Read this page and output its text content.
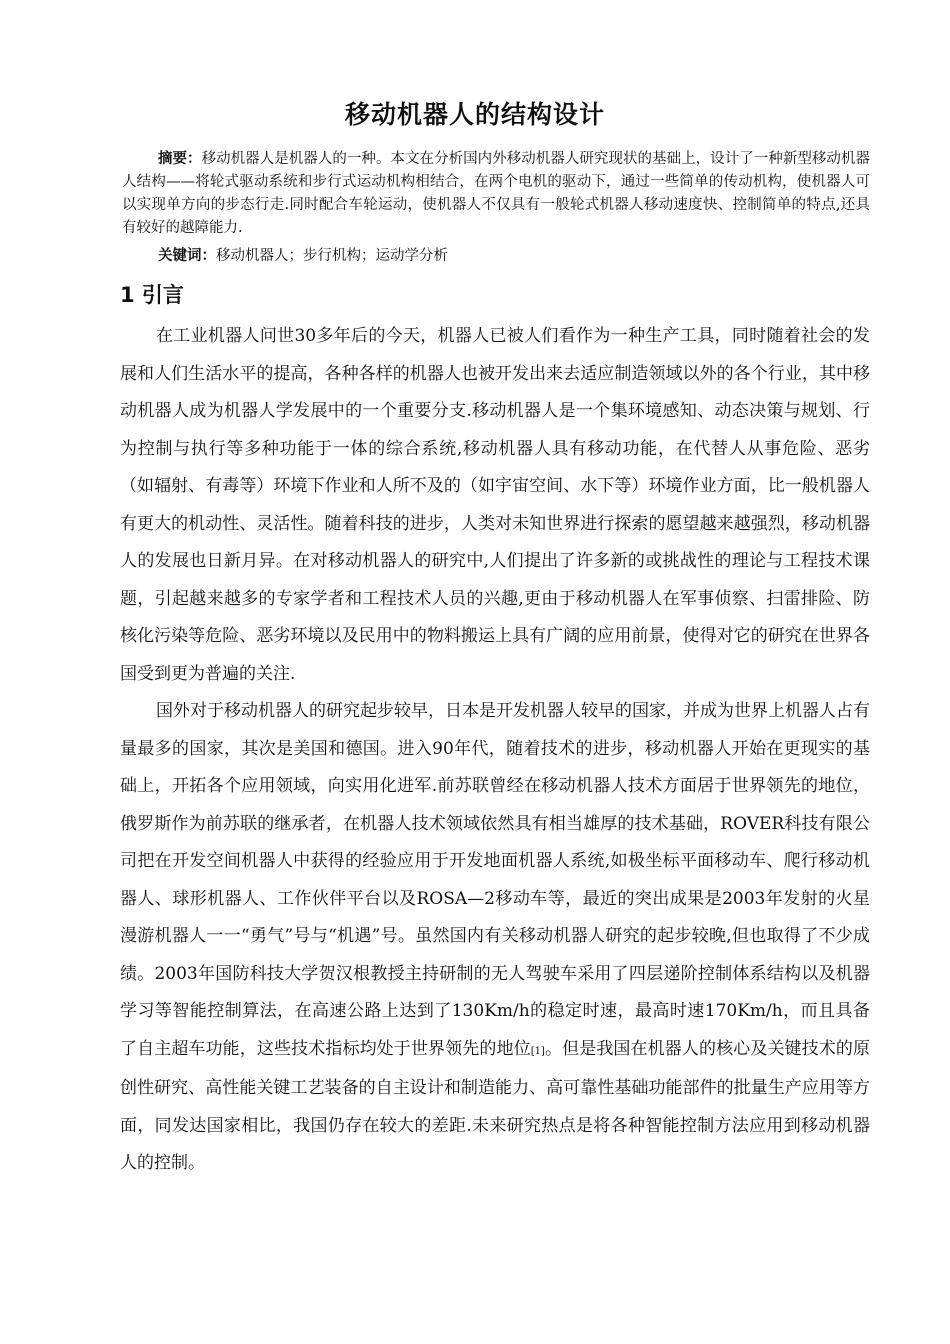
移动机器人的结构设计
摘要：移动机器人是机器人的一种。本文在分析国内外移动机器人研究现状的基础上，设计了一种新型移动机器人结构——将轮式驱动系统和步行式运动机构相结合，在两个电机的驱动下，通过一些简单的传动机构，使机器人可以实现单方向的步态行走.同时配合车轮运动，使机器人不仅具有一般轮式机器人移动速度快、控制简单的特点,还具有较好的越障能力.
关键词：移动机器人；步行机构；运动学分析
1 引言

在工业机器人问世30多年后的今天，机器人已被人们看作为一种生产工具，同时随着社会的发展和人们生活水平的提高，各种各样的机器人也被开发出来去适应制造领域以外的各个行业，其中移动机器人成为机器人学发展中的一个重要分支.移动机器人是一个集环境感知、动态决策与规划、行为控制与执行等多种功能于一体的综合系统,移动机器人具有移动功能，在代替人从事危险、恶劣（如辐射、有毒等）环境下作业和人所不及的（如宇宙空间、水下等）环境作业方面，比一般机器人有更大的机动性、灵活性。随着科技的进步，人类对未知世界进行探索的愿望越来越强烈，移动机器人的发展也日新月异。在对移动机器人的研究中,人们提出了许多新的或挑战性的理论与工程技术课题，引起越来越多的专家学者和工程技术人员的兴趣,更由于移动机器人在军事侦察、扫雷排险、防核化污染等危险、恶劣环境以及民用中的物料搬运上具有广阔的应用前景，使得对它的研究在世界各国受到更为普遍的关注.

国外对于移动机器人的研究起步较早，日本是开发机器人较早的国家，并成为世界上机器人占有量最多的国家，其次是美国和德国。进入90年代，随着技术的进步，移动机器人开始在更现实的基础上，开拓各个应用领域，向实用化进军.前苏联曾经在移动机器人技术方面居于世界领先的地位，俄罗斯作为前苏联的继承者，在机器人技术领域依然具有相当雄厚的技术基础，ROVER科技有限公司把在开发空间机器人中获得的经验应用于开发地面机器人系统,如极坐标平面移动车、爬行移动机器人、球形机器人、工作伙伴平台以及ROSA—2移动车等，最近的突出成果是2003年发射的火星漫游机器人一一“勇气”号与“机遇”号。虽然国内有关移动机器人研究的起步较晚,但也取得了不少成绩。2003年国防科技大学贺汉根教授主持研制的无人驾驶车采用了四层递阶控制体系结构以及机器学习等智能控制算法，在高速公路上达到了130Km/h的稳定时速，最高时速170Km/h，而且具备了自主超车功能，这些技术指标均处于世界领先的地位[1]。但是我国在机器人的核心及关键技术的原创性研究、高性能关键工艺装备的自主设计和制造能力、高可靠性基础功能部件的批量生产应用等方面，同发达国家相比，我国仍存在较大的差距.未来研究热点是将各种智能控制方法应用到移动机器人的控制。
